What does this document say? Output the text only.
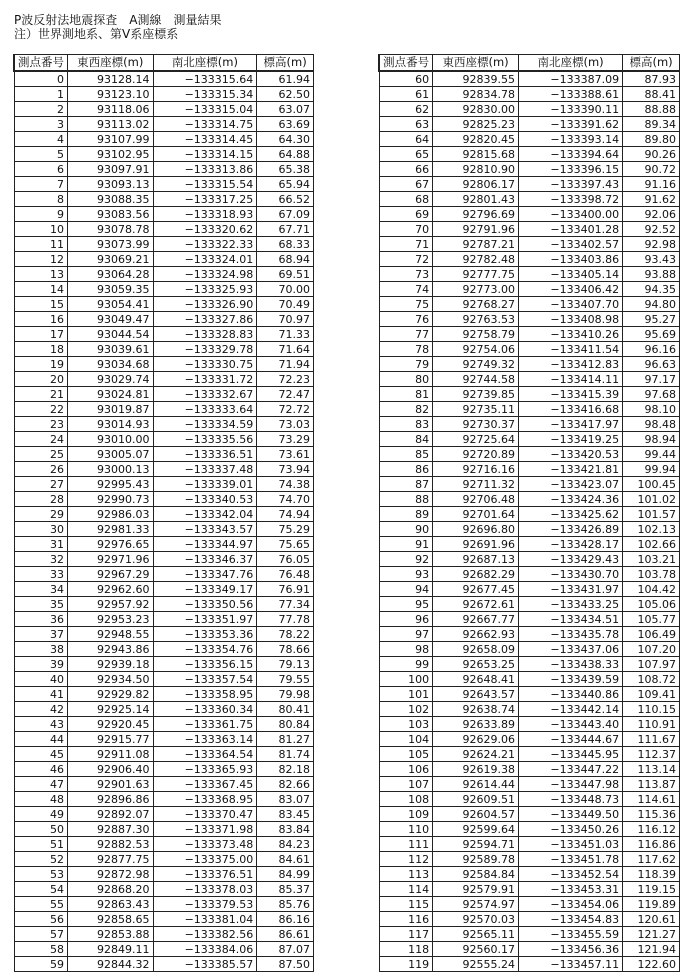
P波反射法地震探査　A測線　測量結果
注）世界測地系、第Ⅴ系座標系
測点番号	東西座標(m)	南北座標(m)	標高(m)
0	93128.14	−133315.64	61.94
1	93123.10	−133315.34	62.50
2	93118.06	−133315.04	63.07
3	93113.02	−133314.75	63.69
4	93107.99	−133314.45	64.30
5	93102.95	−133314.15	64.88
6	93097.91	−133313.86	65.38
7	93093.13	−133315.54	65.94
8	93088.35	−133317.25	66.52
9	93083.56	−133318.93	67.09
10	93078.78	−133320.62	67.71
11	93073.99	−133322.33	68.33
12	93069.21	−133324.01	68.94
13	93064.28	−133324.98	69.51
14	93059.35	−133325.93	70.00
15	93054.41	−133326.90	70.49
16	93049.47	−133327.86	70.97
17	93044.54	−133328.83	71.33
18	93039.61	−133329.78	71.64
19	93034.68	−133330.75	71.94
20	93029.74	−133331.72	72.23
21	93024.81	−133332.67	72.47
22	93019.87	−133333.64	72.72
23	93014.93	−133334.59	73.03
24	93010.00	−133335.56	73.29
25	93005.07	−133336.51	73.61
26	93000.13	−133337.48	73.94
27	92995.43	−133339.01	74.38
28	92990.73	−133340.53	74.70
29	92986.03	−133342.04	74.94
30	92981.33	−133343.57	75.29
31	92976.65	−133344.97	75.65
32	92971.96	−133346.37	76.05
33	92967.29	−133347.76	76.48
34	92962.60	−133349.17	76.91
35	92957.92	−133350.56	77.34
36	92953.23	−133351.97	77.78
37	92948.55	−133353.36	78.22
38	92943.86	−133354.76	78.66
39	92939.18	−133356.15	79.13
40	92934.50	−133357.54	79.55
41	92929.82	−133358.95	79.98
42	92925.14	−133360.34	80.41
43	92920.45	−133361.75	80.84
44	92915.77	−133363.14	81.27
45	92911.08	−133364.54	81.74
46	92906.40	−133365.93	82.18
47	92901.63	−133367.45	82.66
48	92896.86	−133368.95	83.07
49	92892.07	−133370.47	83.45
50	92887.30	−133371.98	83.84
51	92882.53	−133373.48	84.23
52	92877.75	−133375.00	84.61
53	92872.98	−133376.51	84.99
54	92868.20	−133378.03	85.37
55	92863.43	−133379.53	85.76
56	92858.65	−133381.04	86.16
57	92853.88	−133382.56	86.61
58	92849.11	−133384.06	87.07
59	92844.32	−133385.57	87.50
測点番号	東西座標(m)	南北座標(m)	標高(m)
60	92839.55	−133387.09	87.93
61	92834.78	−133388.61	88.41
62	92830.00	−133390.11	88.88
63	92825.23	−133391.62	89.34
64	92820.45	−133393.14	89.80
65	92815.68	−133394.64	90.26
66	92810.90	−133396.15	90.72
67	92806.17	−133397.43	91.16
68	92801.43	−133398.72	91.62
69	92796.69	−133400.00	92.06
70	92791.96	−133401.28	92.52
71	92787.21	−133402.57	92.98
72	92782.48	−133403.86	93.43
73	92777.75	−133405.14	93.88
74	92773.00	−133406.42	94.35
75	92768.27	−133407.70	94.80
76	92763.53	−133408.98	95.27
77	92758.79	−133410.26	95.69
78	92754.06	−133411.54	96.16
79	92749.32	−133412.83	96.63
80	92744.58	−133414.11	97.17
81	92739.85	−133415.39	97.68
82	92735.11	−133416.68	98.10
83	92730.37	−133417.97	98.48
84	92725.64	−133419.25	98.94
85	92720.89	−133420.53	99.44
86	92716.16	−133421.81	99.94
87	92711.32	−133423.07	100.45
88	92706.48	−133424.36	101.02
89	92701.64	−133425.62	101.57
90	92696.80	−133426.89	102.13
91	92691.96	−133428.17	102.66
92	92687.13	−133429.43	103.21
93	92682.29	−133430.70	103.78
94	92677.45	−133431.97	104.42
95	92672.61	−133433.25	105.06
96	92667.77	−133434.51	105.77
97	92662.93	−133435.78	106.49
98	92658.09	−133437.06	107.20
99	92653.25	−133438.33	107.97
100	92648.41	−133439.59	108.72
101	92643.57	−133440.86	109.41
102	92638.74	−133442.14	110.15
103	92633.89	−133443.40	110.91
104	92629.06	−133444.67	111.67
105	92624.21	−133445.95	112.37
106	92619.38	−133447.22	113.14
107	92614.44	−133447.98	113.87
108	92609.51	−133448.73	114.61
109	92604.57	−133449.50	115.36
110	92599.64	−133450.26	116.12
111	92594.71	−133451.03	116.86
112	92589.78	−133451.78	117.62
113	92584.84	−133452.54	118.39
114	92579.91	−133453.31	119.15
115	92574.97	−133454.06	119.89
116	92570.03	−133454.83	120.61
117	92565.11	−133455.59	121.27
118	92560.17	−133456.36	121.94
119	92555.24	−133457.11	122.60
